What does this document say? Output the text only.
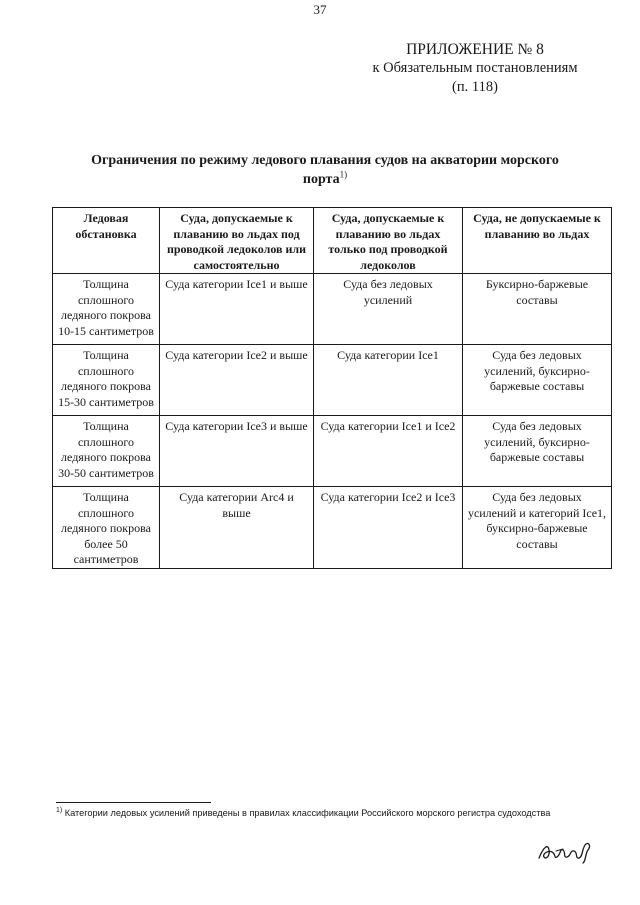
37
ПРИЛОЖЕНИЕ № 8
к Обязательным постановлениям
(п. 118)
Ограничения по режиму ледового плавания судов на акватории морского
порта$^{1)}$
Ледовая обстановка	Суда, допускаемые к плаванию во льдах под проводкой ледоколов или самостоятельно	Суда, допускаемые к плаванию во льдах только под проводкой ледоколов	Суда, не допускаемые к плаванию во льдах
Толщина сплошного ледяного покрова 10-15 сантиметров	Суда категории Ice1 и выше	Суда без ледовых усилений	Буксирно-баржевые составы
Толщина сплошного ледяного покрова 15-30 сантиметров	Суда категории Ice2 и выше	Суда категории Ice1	Суда без ледовых усилений, буксирно-баржевые составы
Толщина сплошного ледяного покрова 30-50 сантиметров	Суда категории Ice3 и выше	Суда категории Ice1 и Ice2	Суда без ледовых усилений, буксирно-баржевые составы
Толщина сплошного ледяного покрова более 50 сантиметров	Суда категории Arc4 и выше	Суда категории Ice2 и Ice3	Суда без ледовых усилений и категорий Ice1, буксирно-баржевые составы
$^{1)}$ Категории ледовых усилений приведены в правилах классификации Российского морского регистра судоходства
